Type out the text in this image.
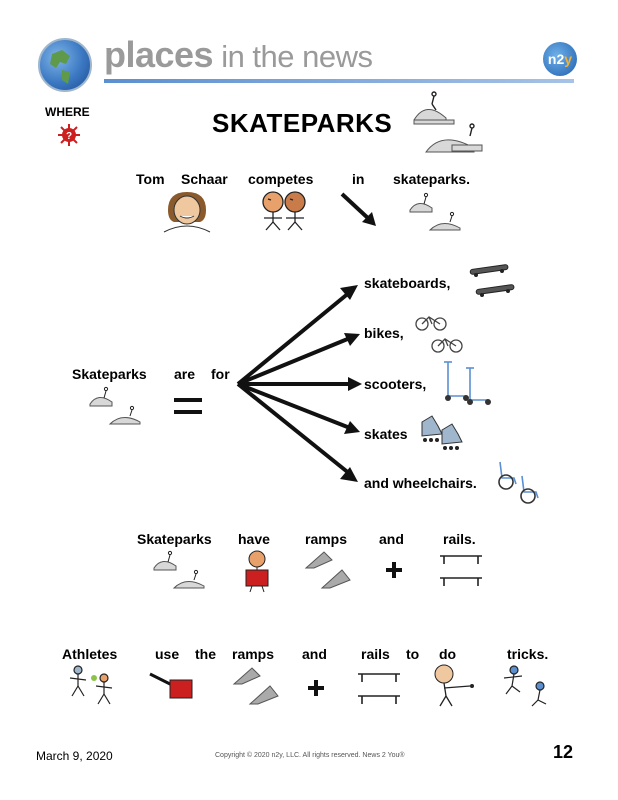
places in the news	n2y
WHERE
?	SKATEPARKS
Tom Schaar competes	in skateparks.
Skateparks are for
skateboards,
bikes,
scooters,
skates
and wheelchairs.
Skateparks have	ramps and	rails.
Athletes	use the ramps and rails to do	tricks.
March 9, 2020	Copyright © 2020 n2y, LLC. All rights reserved. News 2 You®	12
